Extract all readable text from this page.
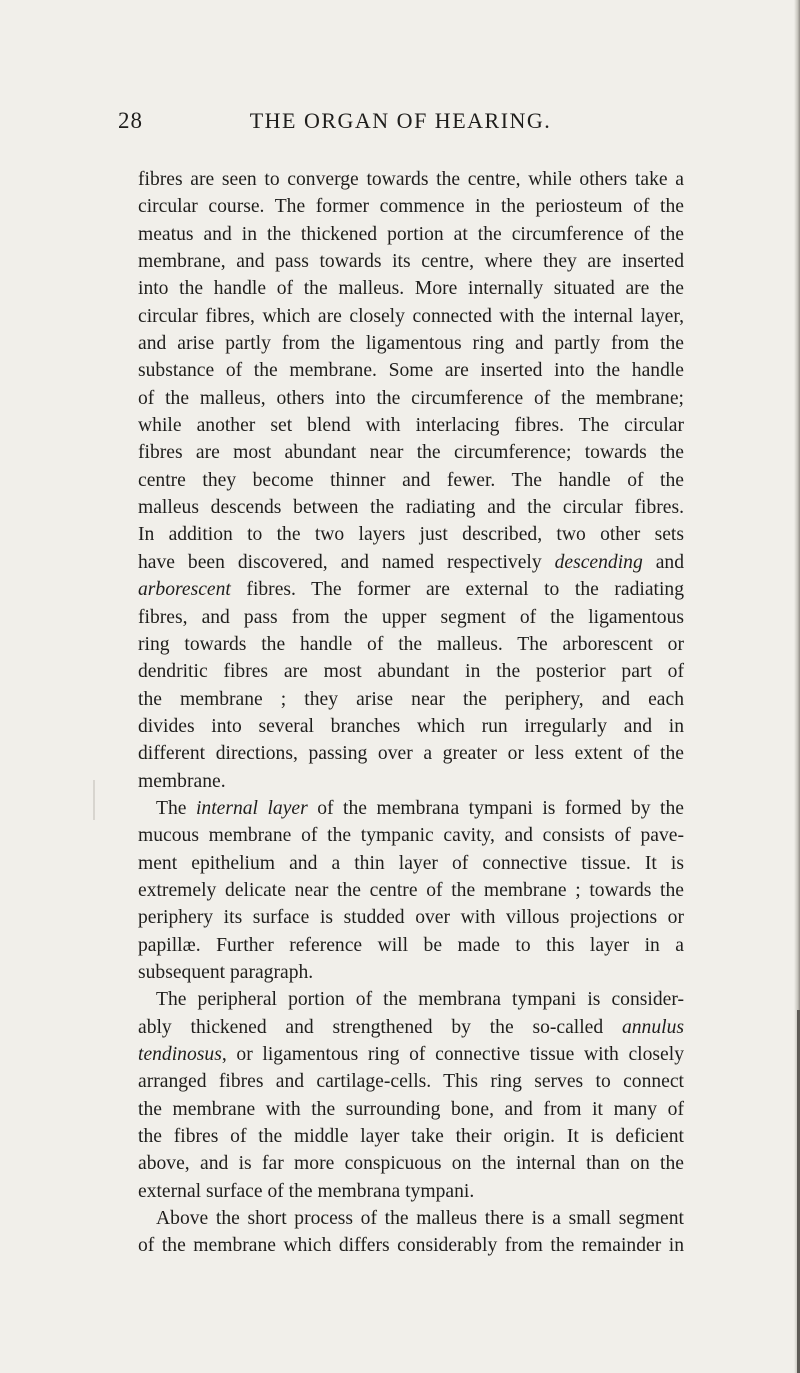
28	THE ORGAN OF HEARING.
fibres are seen to converge towards the centre, while others take a
circular course. The former commence in the periosteum of the
meatus and in the thickened portion at the circumference of the
membrane, and pass towards its centre, where they are inserted
into the handle of the malleus. More internally situated are the
circular fibres, which are closely connected with the internal layer,
and arise partly from the ligamentous ring and partly from the
substance of the membrane. Some are inserted into the handle
of the malleus, others into the circumference of the membrane;
while another set blend with interlacing fibres. The circular
fibres are most abundant near the circumference; towards the
centre they become thinner and fewer. The handle of the
malleus descends between the radiating and the circular fibres.
In addition to the two layers just described, two other sets
have been discovered, and named respectively descending and
arborescent fibres. The former are external to the radiating
fibres, and pass from the upper segment of the ligamentous
ring towards the handle of the malleus. The arborescent or
dendritic fibres are most abundant in the posterior part of
the membrane ; they arise near the periphery, and each
divides into several branches which run irregularly and in
different directions, passing over a greater or less extent of the
membrane.
The internal layer of the membrana tympani is formed by the
mucous membrane of the tympanic cavity, and consists of pave-
ment epithelium and a thin layer of connective tissue. It is
extremely delicate near the centre of the membrane ; towards the
periphery its surface is studded over with villous projections or
papillæ. Further reference will be made to this layer in a
subsequent paragraph.
The peripheral portion of the membrana tympani is consider-
ably thickened and strengthened by the so-called annulus
tendinosus, or ligamentous ring of connective tissue with closely
arranged fibres and cartilage-cells. This ring serves to connect
the membrane with the surrounding bone, and from it many of
the fibres of the middle layer take their origin. It is deficient
above, and is far more conspicuous on the internal than on the
external surface of the membrana tympani.
Above the short process of the malleus there is a small segment
of the membrane which differs considerably from the remainder in
